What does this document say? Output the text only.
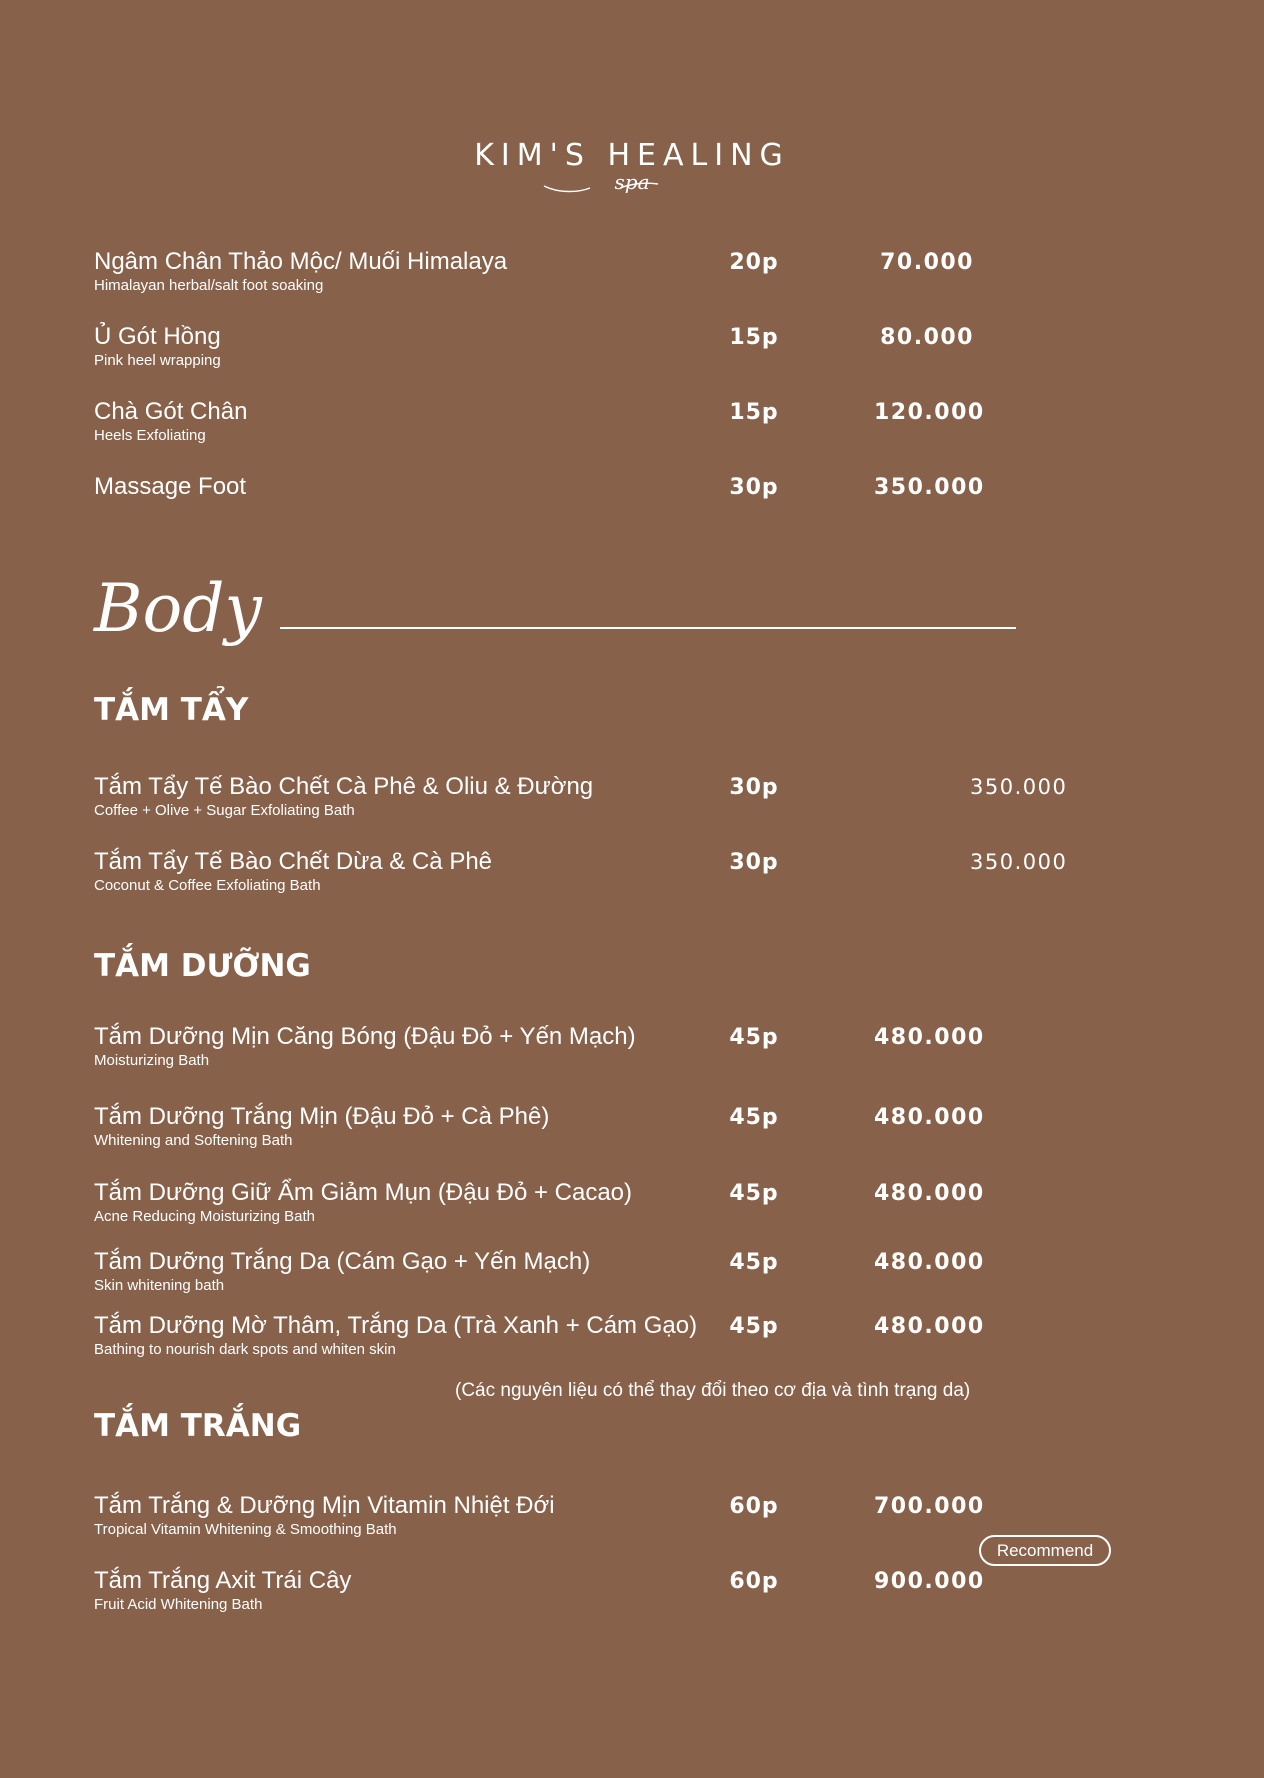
KIM'S HEALING
spa
Ngâm Chân Thảo Mộc/ Muối Himalaya
Himalayan herbal/salt foot soaking
20p	70.000
Ủ Gót Hồng
Pink heel wrapping
15p	80.000
Chà Gót Chân
Heels Exfoliating
15p	120.000
Massage Foot	30p	350.000
Body
TẮM TẨY
Tắm Tẩy Tế Bào Chết Cà Phê & Oliu & Đường
Coffee + Olive + Sugar Exfoliating Bath
30p	350.000
Tắm Tẩy Tế Bào Chết Dừa & Cà Phê
Coconut & Coffee Exfoliating Bath
30p	350.000
TẮM DƯỠNG
Tắm Dưỡng Mịn Căng Bóng (Đậu Đỏ + Yến Mạch)
Moisturizing Bath
45p	480.000
Tắm Dưỡng Trắng Mịn (Đậu Đỏ + Cà Phê)
Whitening and Softening Bath
45p	480.000
Tắm Dưỡng Giữ Ẩm Giảm Mụn (Đậu Đỏ + Cacao)
Acne Reducing Moisturizing Bath
45p	480.000
Tắm Dưỡng Trắng Da (Cám Gạo + Yến Mạch)
Skin whitening bath
45p	480.000
Tắm Dưỡng Mờ Thâm, Trắng Da (Trà Xanh + Cám Gạo)
Bathing to nourish dark spots and whiten skin
45p	480.000
(Các nguyên liệu có thể thay đổi theo cơ địa và tình trạng da)
TẮM TRẮNG
Tắm Trắng & Dưỡng Mịn Vitamin Nhiệt Đới
Tropical Vitamin Whitening & Smoothing Bath
60p	700.000
Recommend
Tắm Trắng Axit Trái Cây
Fruit Acid Whitening Bath
60p	900.000
